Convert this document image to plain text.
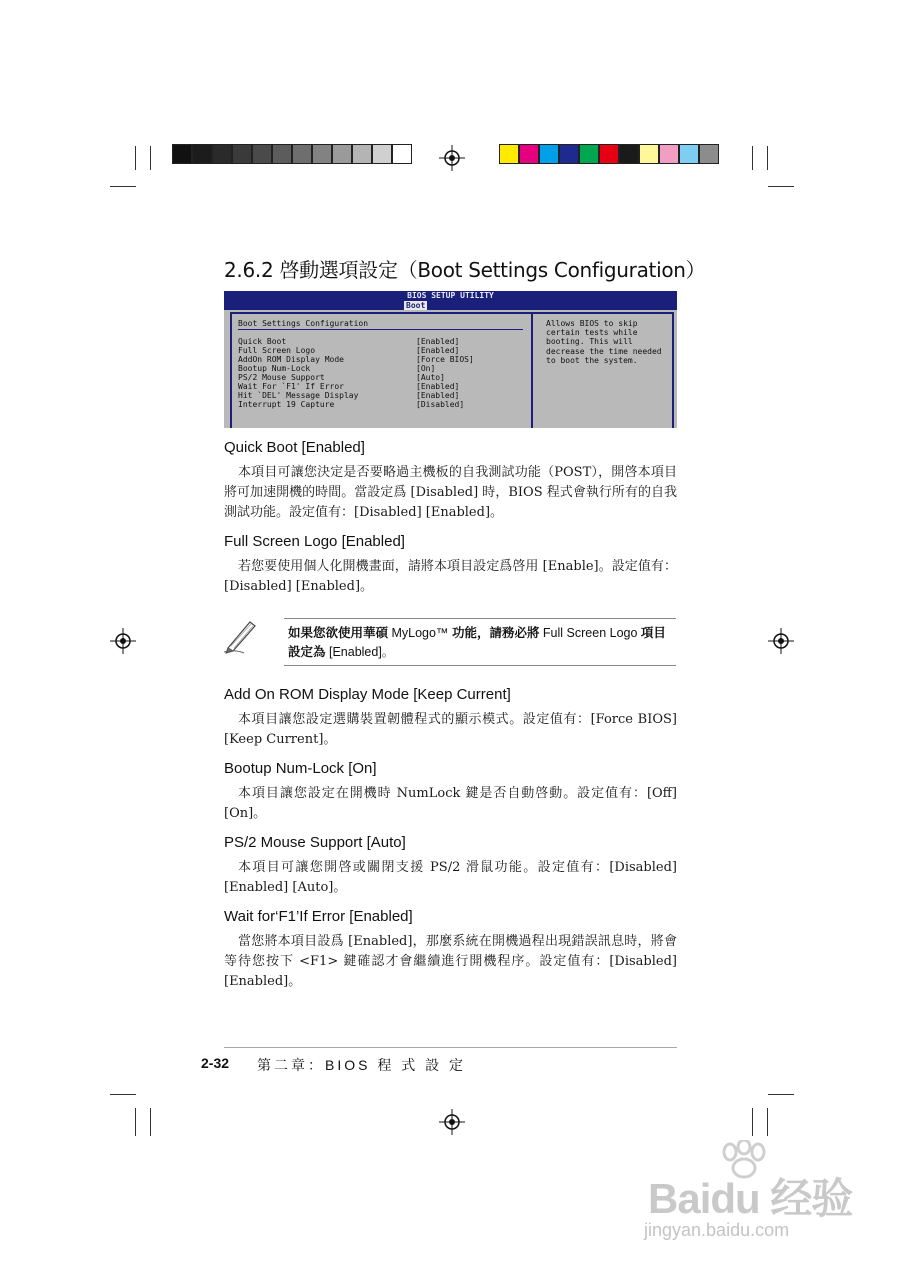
2.6.2 啓動選項設定（Boot Settings Configuration）
BIOS SETUP UTILITY
Boot
Boot Settings Configuration
Quick Boot	[Enabled]
Full Screen Logo	[Enabled]
AddOn ROM Display Mode	[Force BIOS]
Bootup Num-Lock	[On]
PS/2 Mouse Support	[Auto]
Wait For `F1' If Error	[Enabled]
Hit `DEL' Message Display	[Enabled]
Interrupt 19 Capture	[Disabled]
Allows BIOS to skip certain tests while booting. This will decrease the time needed to boot the system.
Quick Boot [Enabled]
本項目可讓您決定是否要略過主機板的自我測試功能（POST），開啓本項目將可加速開機的時間。當設定爲 [Disabled] 時，BIOS 程式會執行所有的自我測試功能。設定值有：[Disabled] [Enabled]。
Full Screen Logo [Enabled]
若您要使用個人化開機畫面，請將本項目設定爲啓用 [Enable]。設定值有：[Disabled] [Enabled]。
如果您欲使用華碩 MyLogo™ 功能，請務必將 Full Screen Logo 項目設定為 [Enabled]。
Add On ROM Display Mode [Keep Current]
本項目讓您設定選購裝置韌體程式的顯示模式。設定值有：[Force BIOS] [Keep Current]。
Bootup Num-Lock [On]
本項目讓您設定在開機時 NumLock 鍵是否自動啓動。設定值有：[Off] [On]。
PS/2 Mouse Support [Auto]
本項目可讓您開啓或關閉支援 PS/2 滑鼠功能。設定值有：[Disabled] [Enabled] [Auto]。
Wait for‘F1’If Error [Enabled]
當您將本項目設爲 [Enabled]，那麼系統在開機過程出現錯誤訊息時，將會等待您按下 <F1> 鍵確認才會繼續進行開機程序。設定值有：[Disabled] [Enabled]。
2-32 第二章：BIOS 程 式 設 定
Baidu 经验
jingyan.baidu.com
